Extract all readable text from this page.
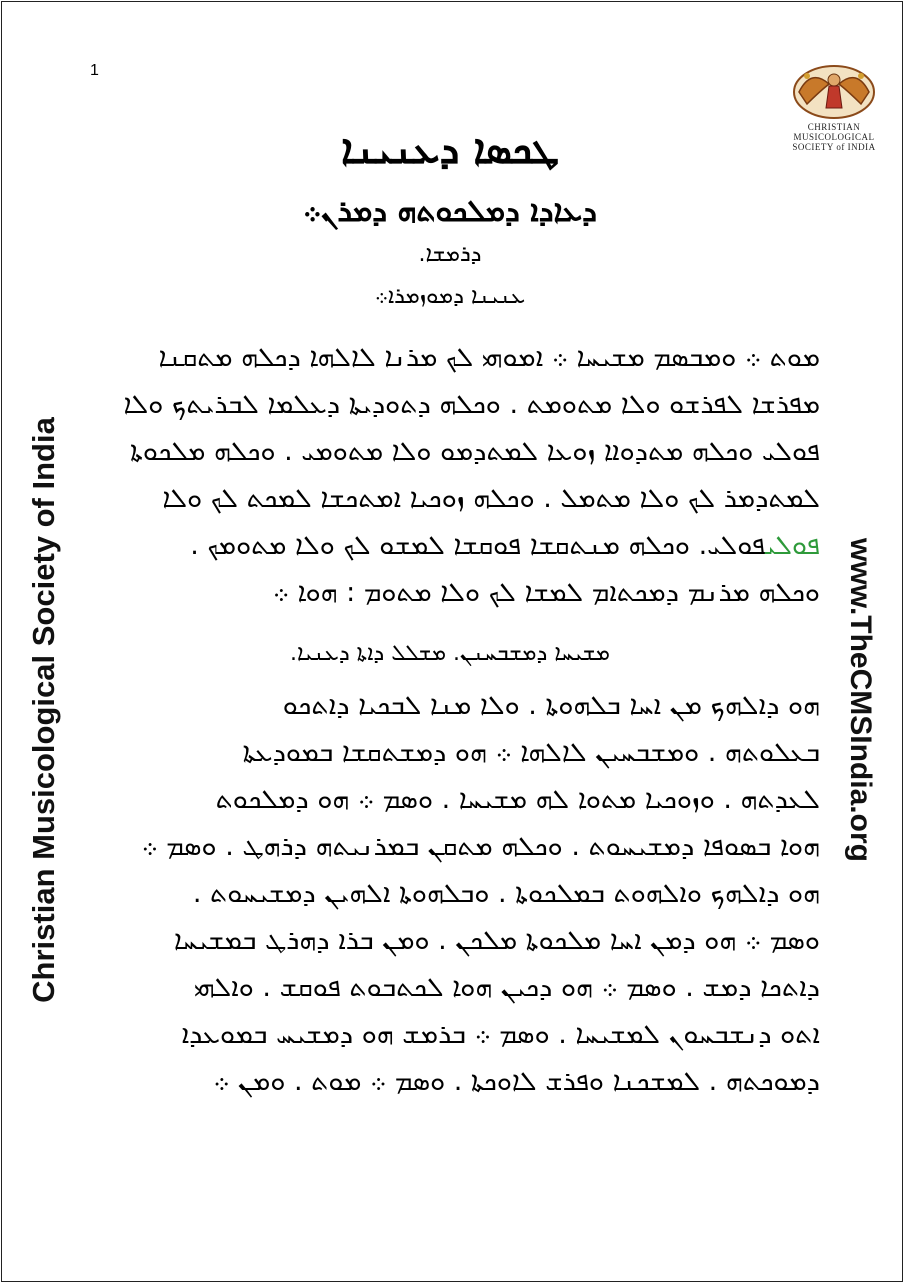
1
CHRISTIAN
MUSICOLOGICAL
SOCIETY of INDIA
Christian Musicological Society of India	www.TheCMSIndia.org
ܛܟܣܐ ܕܥܢܝܢܐ
ܕܥܐܕܐ ܕܡܠܟܘܬܗ ܕܡܪܢ܀
ܕܪܡܫܐ.
ܥܢܝܢܐ ܕܡܘܙܡܪܐ܀
ܡܘܬ ܀ ܘܡܒܣܡ ܡܫܝܚܐ ܀ ܐܡܘܗܝ ܠܟ ܡܪܢܐ ܠܐܠܗܐ ܕܟܠܗ ܡܬܩܢܐ
ܡܦܪܫܐ ܠܦܪܫܘ ܘܠܐ ܡܬܘܡܬ . ܘܟܠܗ ܕܬܘܕܝܬܐ ܕܥܠܡܐ ܠܒܪܝܬܟ ܘܠܐ
ܦܘܠܝ ܘܟܠܗ ܡܬܕܘܐܐ ܙܘܥܐ ܠܡܬܕܡܘ ܘܠܐ ܡܬܘܡܝ . ܘܟܠܗ ܡܠܟܘܬܐ
ܠܡܬܕܡܪ ܠܟ ܘܠܐ ܡܬܡܠ . ܘܟܠܗ ܙܘܟܝܐ ܐܡܬܟܫܐ ܠܡܟܬ ܠܟ ܘܠܐ
ܦܘܠܝܦܘܠܝ. ܘܟܠܗ ܡܢܬܩܫܐ ܦܘܩܫܐ ܠܡܫܘ ܠܟ ܘܠܐ ܡܬܘܡܟ .
ܘܟܠܗ ܡܪܢܡ ܕܡܟܬܐܡ ܠܡܫܐ ܠܟ ܘܠܐ ܡܬܘܡ : ܗܘܐ ܀
ܡܫܝܚܐ ܕܡܫܒܚܢܢ. ܡܫܠܠ ܕܐܬܐ ܕܥܢܝܐ.
ܗܘ ܕܐܠܗܟ ܡܢ ܐܚܐ ܒܠܗܘܬܐ . ܘܠܐ ܡܢܐ ܠܒܟܝܐ ܕܐܬܟܘ
ܒܥܠܘܬܗ . ܘܡܫܒܚܝܢ ܠܐܠܗܐ ܀ ܗܘ ܕܡܫܬܩܫܐ ܒܡܘܕܥܬܐ
ܠܥܕܬܗ . ܘܙܘܟܝܐ ܡܬܘܐ ܠܗ ܡܫܝܚܐ . ܘܣܡ ܀ ܗܘ ܕܡܠܟܘܬ
ܗܘܐ ܒܣܘܦܐ ܕܡܫܝܚܘܬ . ܘܟܠܗ ܡܬܩܢ ܒܡܪܢܝܬܗ ܕܪܗܛ . ܘܣܡ ܀
ܗܘ ܕܐܠܗܟ ܘܐܠܗܘܬ ܒܡܠܟܘܬܐ . ܘܒܠܗܘܬܐ ܐܠܗܝܢ ܕܡܫܝܚܘܬ .
ܘܣܡ ܀ ܗܘ ܕܡܢ ܐܚܐ ܡܠܟܘܬܐ ܡܠܟܢ . ܘܡܢ ܒܪܐ ܕܗܪܛ ܒܡܫܝܚܐ
ܕܐܬܟܐ ܕܡܫ . ܘܣܡ ܀ ܗܘ ܕܟܝܢ ܗܘܐ ܠܟܬܒܘܬ ܦܘܩܫ . ܘܐܠܗܝ
ܐܬܘ ܕܢܫܒܚܘܢ ܠܡܫܝܚܐ . ܘܣܡ ܀ ܒܪܡܫ ܗܘ ܕܡܫܝܚ ܒܡܘܥܕܐ
ܕܡܘܟܬܗ . ܠܡܫܟܢܐ ܘܦܪܫ ܠܐܘܟܬܐ . ܘܣܡ ܀ ܡܘܬ . ܘܡܢ ܀
